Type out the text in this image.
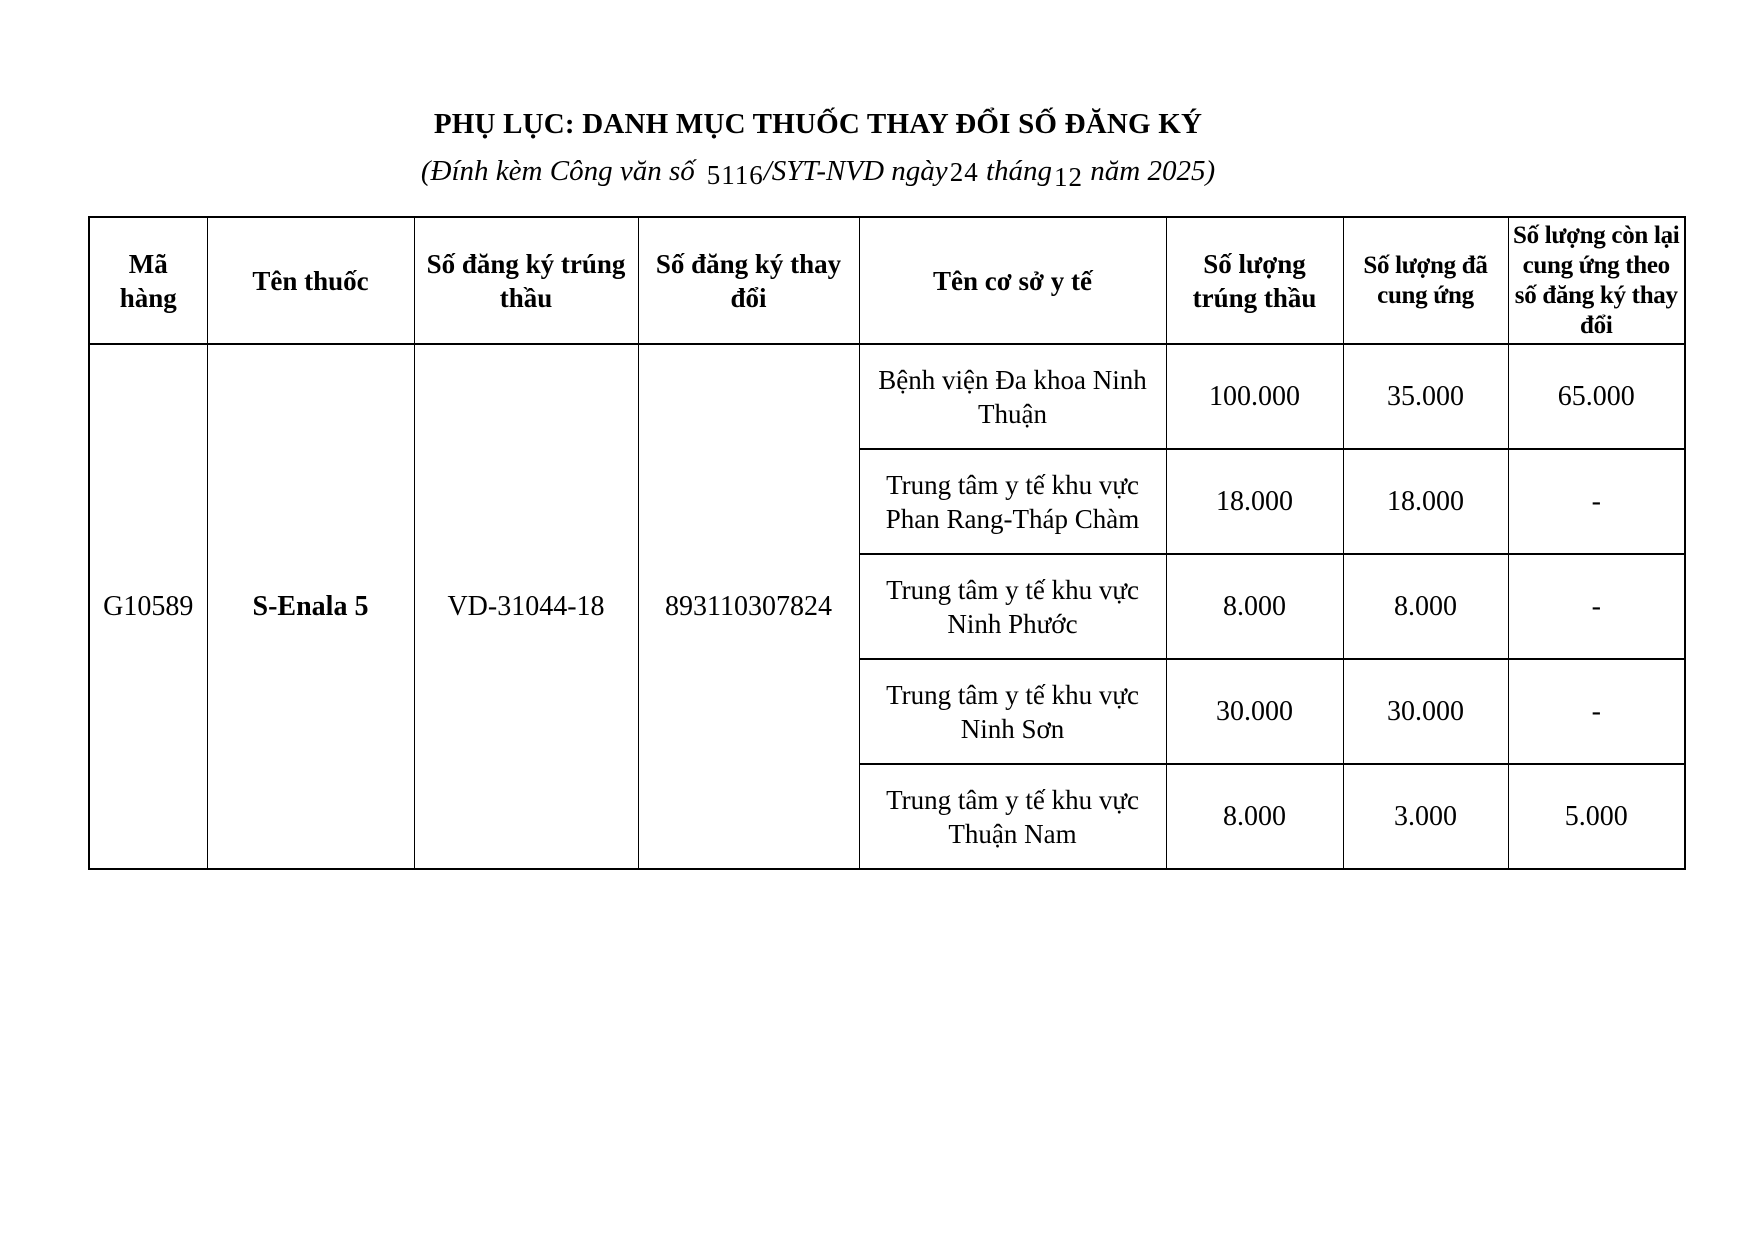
PHỤ LỤC: DANH MỤC THUỐC THAY ĐỔI SỐ ĐĂNG KÝ

(Đính kèm Công văn số 5116/SYT-NVD ngày24 tháng12 năm 2025)

Mã hàng	Tên thuốc	Số đăng ký trúng thầu	Số đăng ký thay đổi	Tên cơ sở y tế	Số lượng trúng thầu	Số lượng đã cung ứng	Số lượng còn lại cung ứng theo số đăng ký thay đổi
G10589	S-Enala 5	VD-31044-18	893110307824	Bệnh viện Đa khoa Ninh Thuận	100.000	35.000	65.000
				Trung tâm y tế khu vực Phan Rang-Tháp Chàm	18.000	18.000	-
				Trung tâm y tế khu vực Ninh Phước	8.000	8.000	-
				Trung tâm y tế khu vực Ninh Sơn	30.000	30.000	-
				Trung tâm y tế khu vực Thuận Nam	8.000	3.000	5.000
